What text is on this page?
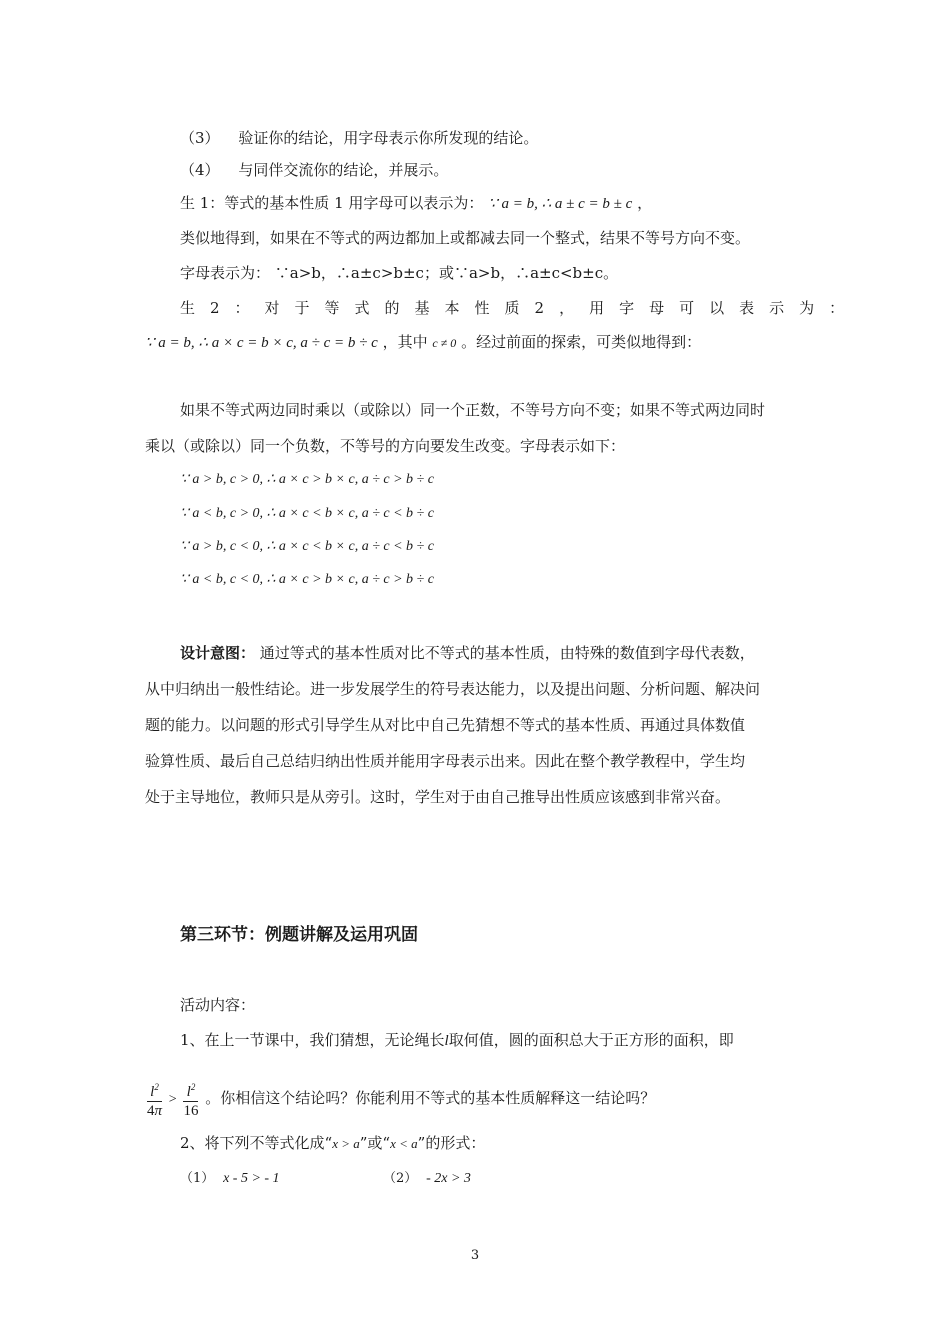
（3） 验证你的结论，用字母表示你所发现的结论。
（4） 与同伴交流你的结论，并展示。
生 1：等式的基本性质 1 用字母可以表示为： ∵ a = b, ∴ a ± c = b ± c ，
类似地得到，如果在不等式的两边都加上或都减去同一个整式，结果不等号方向不变。
字母表示为： ∵a>b，∴a±c>b±c；或∵a>b，∴a±c<b±c。
生2：对于等式的基本性质2，用字母可以表示为：
∵ a = b, ∴ a × c = b × c, a ÷ c = b ÷ c ，其中 c ≠ 0 。经过前面的探索，可类似地得到：
如果不等式两边同时乘以（或除以）同一个正数，不等号方向不变；如果不等式两边同时
乘以（或除以）同一个负数，不等号的方向要发生改变。字母表示如下：
∵ a > b, c > 0, ∴ a × c > b × c, a ÷ c > b ÷ c
∵ a < b, c > 0, ∴ a × c < b × c, a ÷ c < b ÷ c
∵ a > b, c < 0, ∴ a × c < b × c, a ÷ c < b ÷ c
∵ a < b, c < 0, ∴ a × c > b × c, a ÷ c > b ÷ c
设计意图： 通过等式的基本性质对比不等式的基本性质，由特殊的数值到字母代表数，
从中归纳出一般性结论。进一步发展学生的符号表达能力，以及提出问题、分析问题、解决问
题的能力。以问题的形式引导学生从对比中自己先猜想不等式的基本性质、再通过具体数值
验算性质、最后自己总结归纳出性质并能用字母表示出来。因此在整个教学教程中，学生均
处于主导地位，教师只是从旁引。这时，学生对于由自己推导出性质应该感到非常兴奋。
第三环节：例题讲解及运用巩固
活动内容：
1、在上一节课中，我们猜想，无论绳长l取何值，圆的面积总大于正方形的面积，即
$\frac{l^2}{4\pi} > \frac{l^2}{16}$ 。你相信这个结论吗？你能利用不等式的基本性质解释这一结论吗？
2、将下列不等式化成“x > a”或“x < a”的形式：
（1） x - 5 > - 1	（2） - 2x > 3
3
